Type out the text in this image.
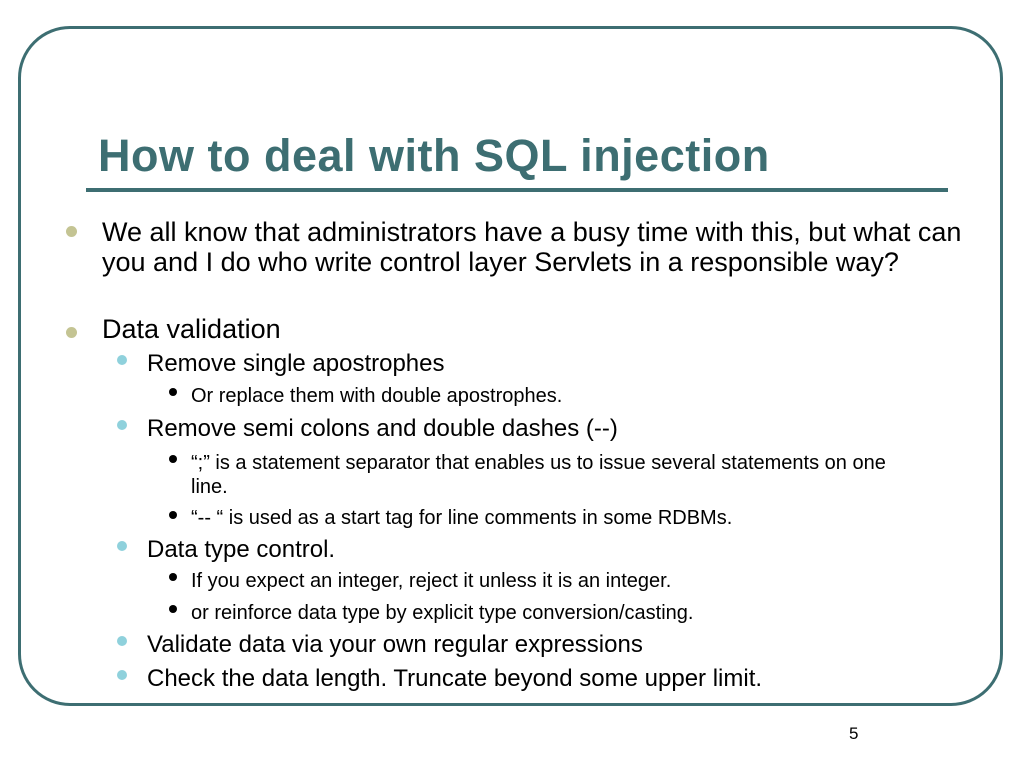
How to deal with SQL injection
We all know that administrators have a busy time with this, but what can you and I do who write control layer Servlets in a responsible way?
Data validation
Remove single apostrophes
Or replace them with double apostrophes.
Remove semi colons and double dashes (--)
“;” is a statement separator that enables us to issue several statements on one line.
“-- “ is used as a start tag for line comments in some RDBMs.
Data type control.
If you expect an integer, reject it unless it is an integer.
or reinforce data type by explicit type conversion/casting.
Validate data via your own regular expressions
Check the data length. Truncate beyond some upper limit.
5
